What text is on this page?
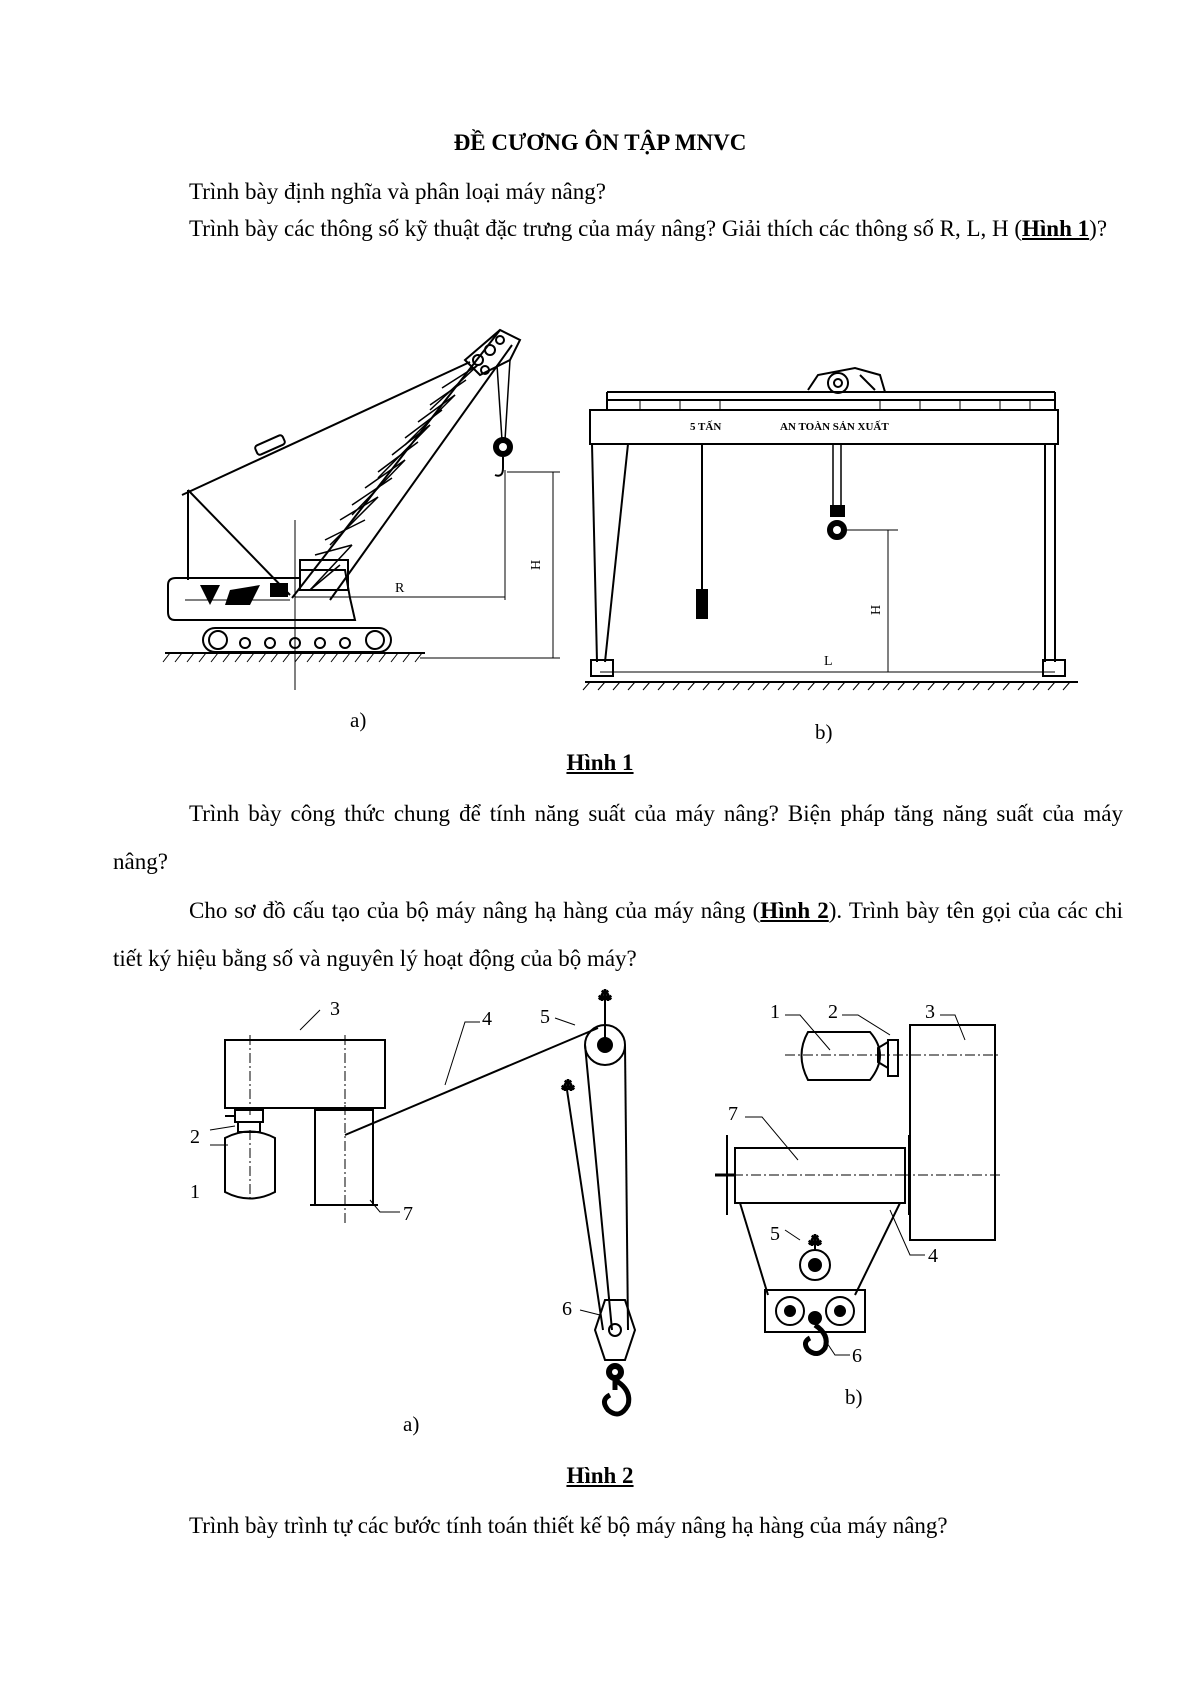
ĐỀ CƯƠNG ÔN TẬP MNVC
Trình bày định nghĩa và phân loại máy nâng?
Trình bày các thông số kỹ thuật đặc trưng của máy nâng? Giải thích các thông số R, L, H (Hình 1)?
R
H
5 TẤN	AN TOÀN SẢN XUẤT
H
L
a)	b)
Hình 1
Trình bày công thức chung để tính năng suất của máy nâng? Biện pháp tăng năng suất của máy nâng?
Cho sơ đồ cấu tạo của bộ máy nâng hạ hàng của máy nâng (Hình 2). Trình bày tên gọi của các chi tiết ký hiệu bằng số và nguyên lý hoạt động của bộ máy?
⁂
⁂
3
2
1
7
4 5
6
⁂
1 2	3
7
4
5
6
b)
a)
Hình 2
Trình bày trình tự các bước tính toán thiết kế bộ máy nâng hạ hàng của máy nâng?
